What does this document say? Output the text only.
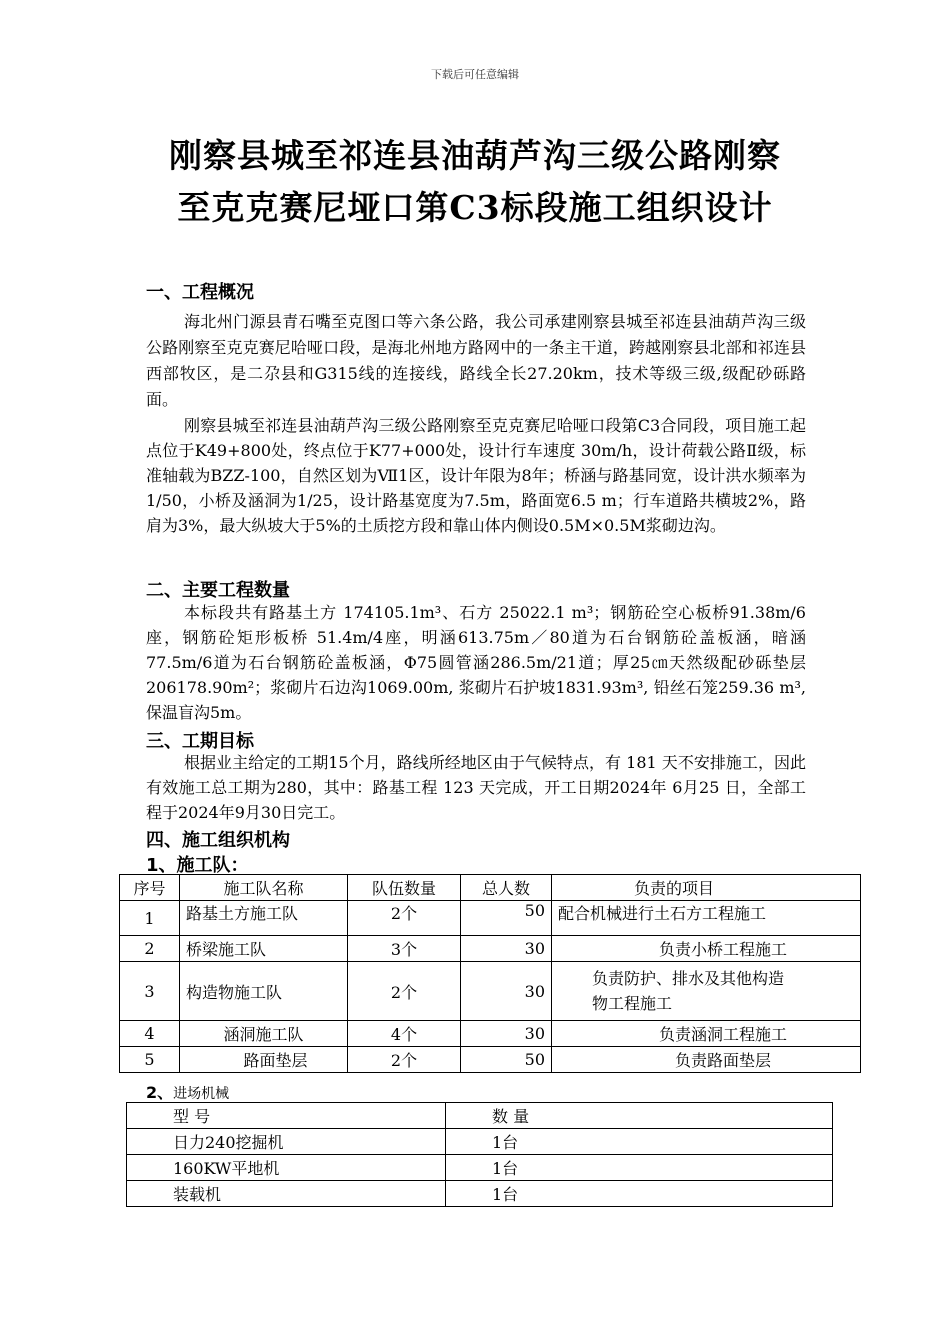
下载后可任意编辑
刚察县城至祁连县油葫芦沟三级公路刚察
至克克赛尼垭口第C3标段施工组织设计
一、工程概况

海北州门源县青石嘴至克图口等六条公路，我公司承建刚察县城至祁连县油葫芦沟三级公路刚察至克克赛尼哈哑口段，是海北州地方路网中的一条主干道，跨越刚察县北部和祁连县西部牧区，是二尕县和G315线的连接线，路线全长27.20km，技术等级三级,级配砂砾路面。

刚察县城至祁连县油葫芦沟三级公路刚察至克克赛尼哈哑口段第C3合同段，项目施工起点位于K49+800处，终点位于K77+000处，设计行车速度 30m/h，设计荷载公路Ⅱ级，标准轴载为BZZ-100，自然区划为Ⅶ1区，设计年限为8年；桥涵与路基同宽，设计洪水频率为1/50，小桥及涵洞为1/25，设计路基宽度为7.5m，路面宽6.5 m；行车道路共横坡2%，路肩为3%，最大纵坡大于5%的土质挖方段和靠山体内侧设0.5M×0.5M浆砌边沟。

二、主要工程数量

本标段共有路基土方 174105.1m³、石方 25022.1 m³；钢筋砼空心板桥91.38m/6座，钢筋砼矩形板桥 51.4m/4座，明涵613.75m／80道为石台钢筋砼盖板涵，暗涵77.5m/6道为石台钢筋砼盖板涵，Φ75圆管涵286.5m/21道；厚25㎝天然级配砂砾垫层206178.90m²；浆砌片石边沟1069.00m, 浆砌片石护坡1831.93m³, 铅丝石笼259.36 m³,保温盲沟5m。

三、工期目标

根据业主给定的工期15个月，路线所经地区由于气候特点，有 181 天不安排施工，因此有效施工总工期为280，其中：路基工程 123 天完成，开工日期2024年 6月25 日，全部工程于2024年9月30日完工。

四、施工组织机构
1、施工队：
序号	施工队名称	队伍数量	总人数	负责的项目
1	路基土方施工队	2个	50	配合机械进行土石方工程施工
2	桥梁施工队	3个	30	负责小桥工程施工
3	构造物施工队	2个	30	负责防护、排水及其他构造物工程施工
4	涵洞施工队	4个	30	负责涵洞工程施工
5	路面垫层	2个	50	负责路面垫层
2、进场机械
型 号	数 量
日力240挖掘机	1台
160KW平地机	1台
装载机	1台
